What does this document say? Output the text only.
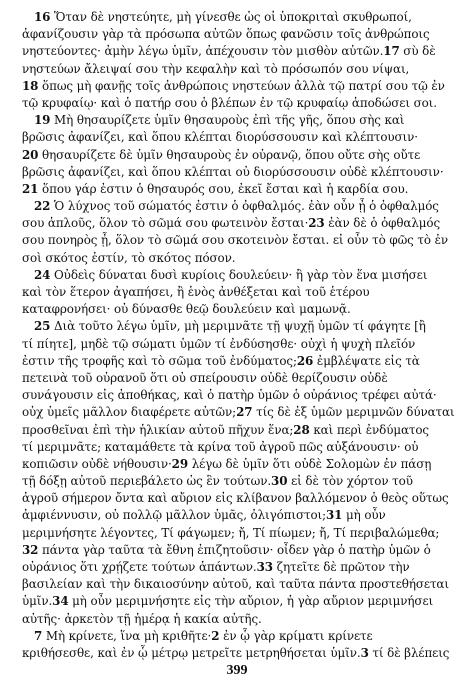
16 Ὅταν δὲ νηστεύητε, μὴ γίνεσθε ὡς οἱ ὑποκριταὶ σκυθρωποί,
ἀφανίζουσιν γὰρ τὰ πρόσωπα αὐτῶν ὅπως φανῶσιν τοῖς ἀνθρώποις
νηστεύοντες· ἀμὴν λέγω ὑμῖν, ἀπέχουσιν τὸν μισθὸν αὐτῶν.17 σὺ δὲ
νηστεύων ἄλειψαί σου τὴν κεφαλὴν καὶ τὸ πρόσωπόν σου νίψαι,
18 ὅπως μὴ φανῇς τοῖς ἀνθρώποις νηστεύων ἀλλὰ τῷ πατρί σου τῷ ἐν
τῷ κρυφαίῳ· καὶ ὁ πατήρ σου ὁ βλέπων ἐν τῷ κρυφαίῳ ἀποδώσει σοι.
19 Μὴ θησαυρίζετε ὑμῖν θησαυροὺς ἐπὶ τῆς γῆς, ὅπου σὴς καὶ
βρῶσις ἀφανίζει, καὶ ὅπου κλέπται διορύσσουσιν καὶ κλέπτουσιν·
20 θησαυρίζετε δὲ ὑμῖν θησαυροὺς ἐν οὐρανῷ, ὅπου οὔτε σὴς οὔτε
βρῶσις ἀφανίζει, καὶ ὅπου κλέπται οὐ διορύσσουσιν οὐδὲ κλέπτουσιν·
21 ὅπου γάρ ἐστιν ὁ θησαυρός σου, ἐκεῖ ἔσται καὶ ἡ καρδία σου.
22 Ὁ λύχνος τοῦ σώματός ἐστιν ὁ ὀφθαλμός. ἐὰν οὖν ᾖ ὁ ὀφθαλμός
σου ἁπλοῦς, ὅλον τὸ σῶμά σου φωτεινὸν ἔσται·23 ἐὰν δὲ ὁ ὀφθαλμός
σου πονηρὸς ᾖ, ὅλον τὸ σῶμά σου σκοτεινὸν ἔσται. εἰ οὖν τὸ φῶς τὸ ἐν
σοὶ σκότος ἐστίν, τὸ σκότος πόσον.
24 Οὐδεὶς δύναται δυσὶ κυρίοις δουλεύειν· ἢ γὰρ τὸν ἕνα μισήσει
καὶ τὸν ἕτερον ἀγαπήσει, ἢ ἑνὸς ἀνθέξεται καὶ τοῦ ἑτέρου
καταφρονήσει· οὐ δύνασθε θεῷ δουλεύειν καὶ μαμωνᾷ.
25 Διὰ τοῦτο λέγω ὑμῖν, μὴ μεριμνᾶτε τῇ ψυχῇ ὑμῶν τί φάγητε [ἢ
τί πίητε], μηδὲ τῷ σώματι ὑμῶν τί ἐνδύσησθε· οὐχὶ ἡ ψυχὴ πλεῖόν
ἐστιν τῆς τροφῆς καὶ τὸ σῶμα τοῦ ἐνδύματος;26 ἐμβλέψατε εἰς τὰ
πετεινὰ τοῦ οὐρανοῦ ὅτι οὐ σπείρουσιν οὐδὲ θερίζουσιν οὐδὲ
συνάγουσιν εἰς ἀποθήκας, καὶ ὁ πατὴρ ὑμῶν ὁ οὐράνιος τρέφει αὐτά·
οὐχ ὑμεῖς μᾶλλον διαφέρετε αὐτῶν;27 τίς δὲ ἐξ ὑμῶν μεριμνῶν δύναται
προσθεῖναι ἐπὶ τὴν ἡλικίαν αὐτοῦ πῆχυν ἕνα;28 καὶ περὶ ἐνδύματος
τί μεριμνᾶτε; καταμάθετε τὰ κρίνα τοῦ ἀγροῦ πῶς αὐξάνουσιν· οὐ
κοπιῶσιν οὐδὲ νήθουσιν·29 λέγω δὲ ὑμῖν ὅτι οὐδὲ Σολομὼν ἐν πάσῃ
τῇ δόξῃ αὐτοῦ περιεβάλετο ὡς ἓν τούτων.30 εἰ δὲ τὸν χόρτον τοῦ
ἀγροῦ σήμερον ὄντα καὶ αὔριον εἰς κλίβανον βαλλόμενον ὁ θεὸς οὕτως
ἀμφιέννυσιν, οὐ πολλῷ μᾶλλον ὑμᾶς, ὀλιγόπιστοι;31 μὴ οὖν
μεριμνήσητε λέγοντες, Τί φάγωμεν; ἤ, Τί πίωμεν; ἤ, Τί περιβαλώμεθα;
32 πάντα γὰρ ταῦτα τὰ ἔθνη ἐπιζητοῦσιν· οἶδεν γὰρ ὁ πατὴρ ὑμῶν ὁ
οὐράνιος ὅτι χρῄζετε τούτων ἁπάντων.33 ζητεῖτε δὲ πρῶτον τὴν
βασιλείαν καὶ τὴν δικαιοσύνην αὐτοῦ, καὶ ταῦτα πάντα προστεθήσεται
ὑμῖν.34 μὴ οὖν μεριμνήσητε εἰς τὴν αὔριον, ἡ γὰρ αὔριον μεριμνήσει
αὐτῆς· ἀρκετὸν τῇ ἡμέρᾳ ἡ κακία αὐτῆς.
7 Μὴ κρίνετε, ἵνα μὴ κριθῆτε·2 ἐν ᾧ γὰρ κρίματι κρίνετε
κριθήσεσθε, καὶ ἐν ᾧ μέτρῳ μετρεῖτε μετρηθήσεται ὑμῖν.3 τί δὲ βλέπεις
399
